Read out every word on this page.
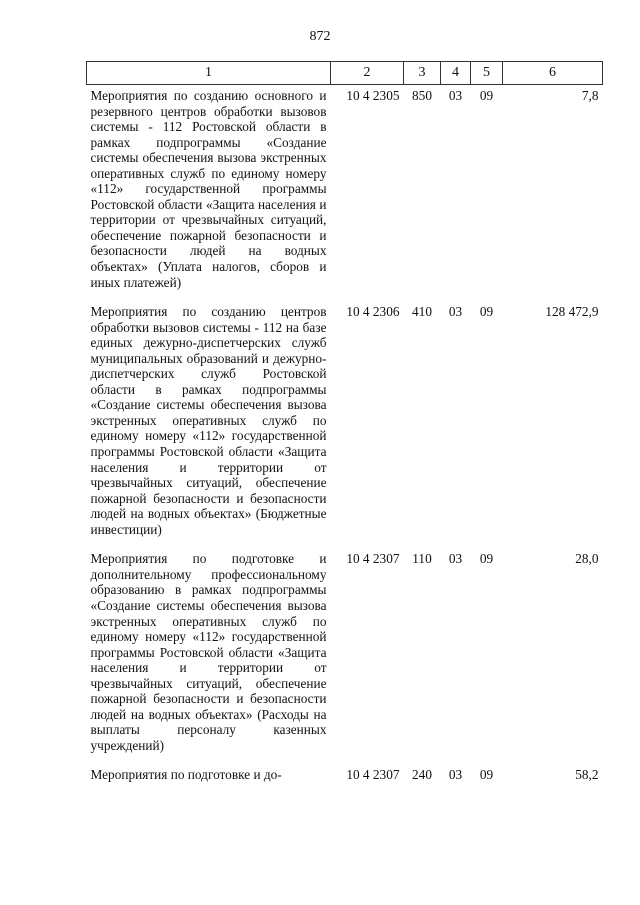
872
1	2	3	4	5	6
Мероприятия по созданию основного и резервного центров обработки вызовов системы - 112 Ростовской области в рамках подпрограммы «Создание системы обеспечения вызова экстренных оперативных служб по единому номеру «112» государственной программы Ростовской области «Защита населения и территории от чрезвычайных ситуаций, обеспечение пожарной безопасности и безопасности людей на водных объектах» (Уплата налогов, сборов и иных платежей)	10 4 2305	850	03	09	7,8
Мероприятия по созданию центров обработки вызовов системы - 112 на базе единых дежурно-диспетчерских служб муниципальных образований и дежурно-диспетчерских служб Ростовской области в рамках подпрограммы «Создание системы обеспечения вызова экстренных оперативных служб по единому номеру «112» государственной программы Ростовской области «Защита населения и территории от чрезвычайных ситуаций, обеспечение пожарной безопасности и безопасности людей на водных объектах» (Бюджетные инвестиции)	10 4 2306	410	03	09	128 472,9
Мероприятия по подготовке и дополнительному профессиональному образованию в рамках подпрограммы «Создание системы обеспечения вызова экстренных оперативных служб по единому номеру «112» государственной программы Ростовской области «Защита населения и территории от чрезвычайных ситуаций, обеспечение пожарной безопасности и безопасности людей на водных объектах» (Расходы на выплаты персоналу казенных учреждений)	10 4 2307	110	03	09	28,0
Мероприятия по подготовке и до-	10 4 2307	240	03	09	58,2
